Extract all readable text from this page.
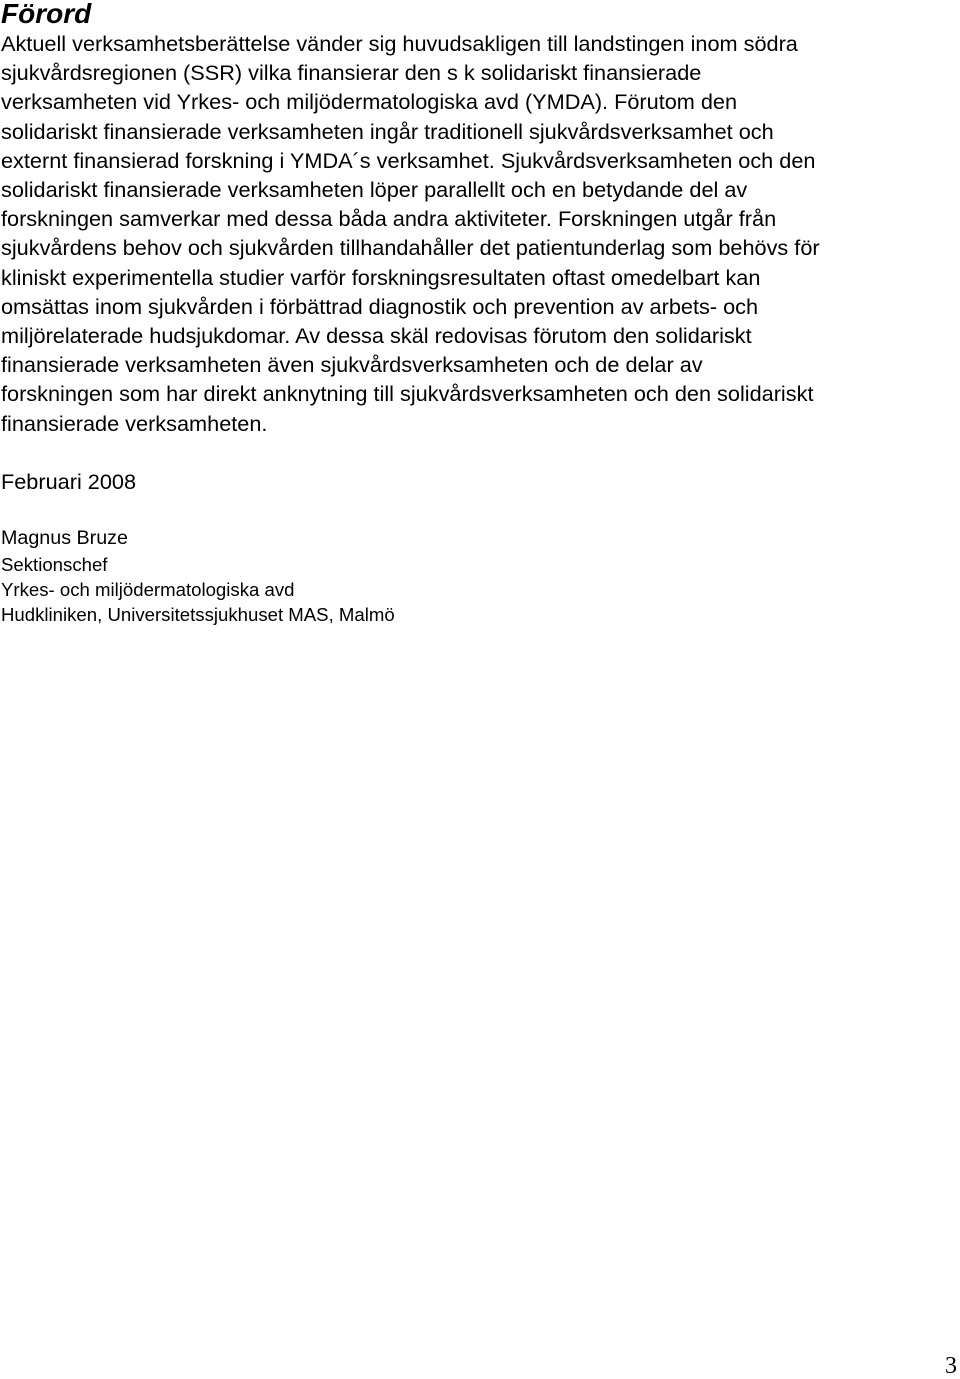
Förord

Aktuell verksamhetsberättelse vänder sig huvudsakligen till landstingen inom södra
sjukvårdsregionen (SSR) vilka finansierar den s k solidariskt finansierade
verksamheten vid Yrkes- och miljödermatologiska avd (YMDA). Förutom den
solidariskt finansierade verksamheten ingår traditionell sjukvårdsverksamhet och
externt finansierad forskning i YMDA´s verksamhet. Sjukvårdsverksamheten och den
solidariskt finansierade verksamheten löper parallellt och en betydande del av
forskningen samverkar med dessa båda andra aktiviteter. Forskningen utgår från
sjukvårdens behov och sjukvården tillhandahåller det patientunderlag som behövs för
kliniskt experimentella studier varför forskningsresultaten oftast omedelbart kan
omsättas inom sjukvården i förbättrad diagnostik och prevention av arbets- och
miljörelaterade hudsjukdomar. Av dessa skäl redovisas förutom den solidariskt
finansierade verksamheten även sjukvårdsverksamheten och de delar av
forskningen som har direkt anknytning till sjukvårdsverksamheten och den solidariskt
finansierade verksamheten.

Februari 2008

Magnus Bruze

Sektionschef

Yrkes- och miljödermatologiska avd

Hudkliniken, Universitetssjukhuset MAS, Malmö

3
